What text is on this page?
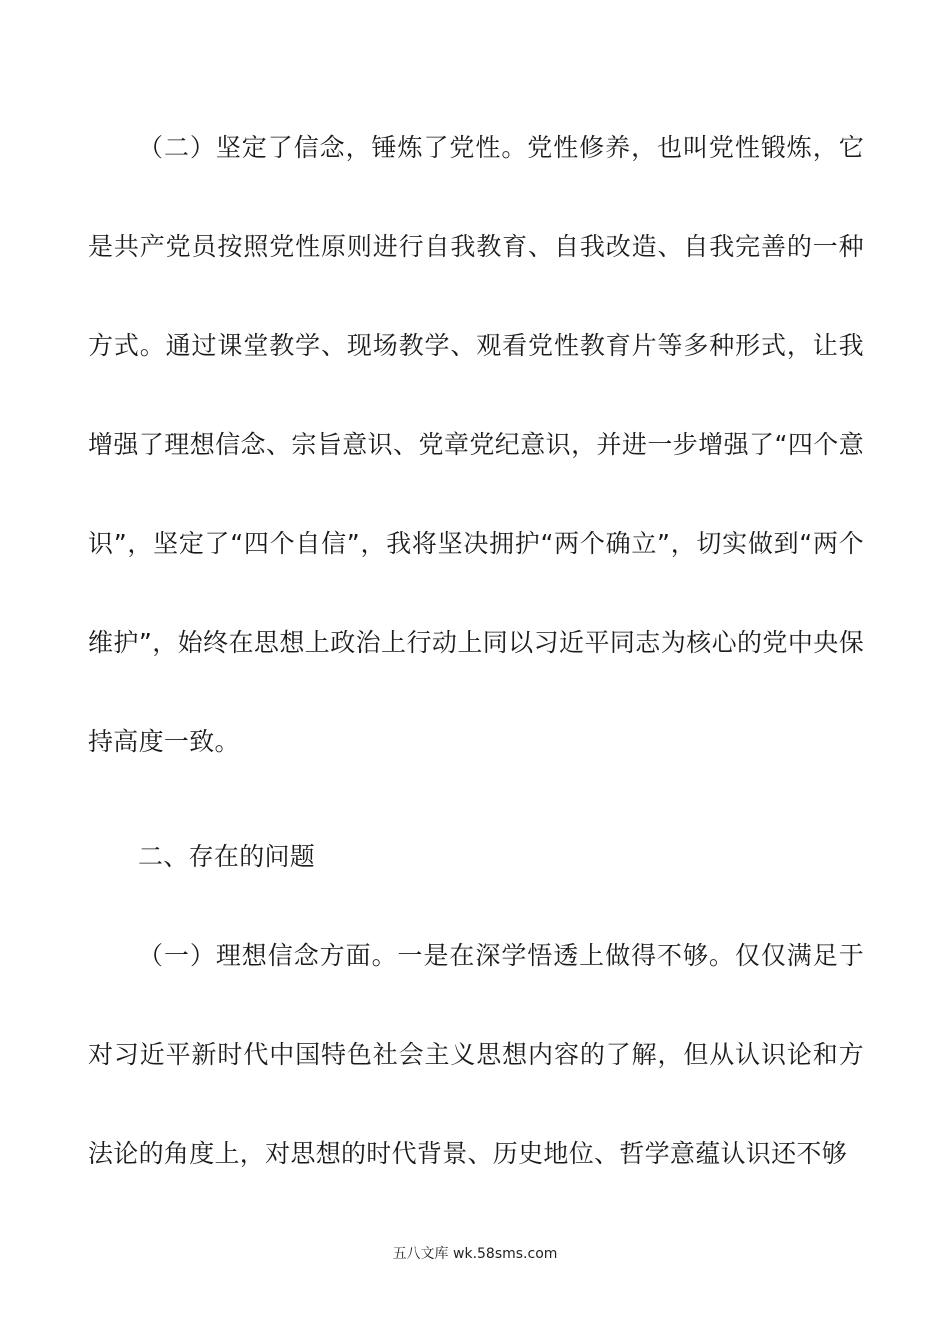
（二）坚定了信念，锤炼了党性。党性修养，也叫党性锻炼，它是共产党员按照党性原则进行自我教育、自我改造、自我完善的一种方式。通过课堂教学、现场教学、观看党性教育片等多种形式，让我增强了理想信念、宗旨意识、党章党纪意识，并进一步增强了“四个意识”，坚定了“四个自信”，我将坚决拥护“两个确立”，切实做到“两个维护”，始终在思想上政治上行动上同以习近平同志为核心的党中央保持高度一致。

二、存在的问题

（一）理想信念方面。一是在深学悟透上做得不够。仅仅满足于对习近平新时代中国特色社会主义思想内容的了解，但从认识论和方法论的角度上，对思想的时代背景、历史地位、哲学意蕴认识还不够

五八文库 wk.58sms.com
